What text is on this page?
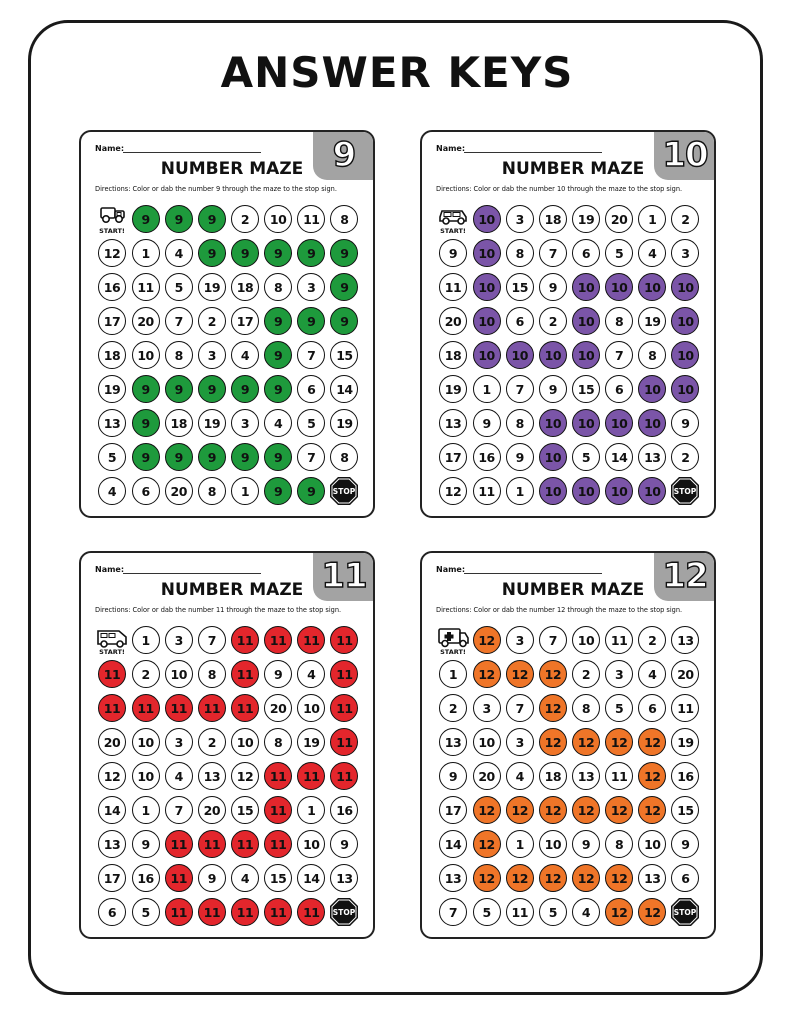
ANSWER KEYS
Name:	9
NUMBER MAZE
Directions: Color or dab the number 9 through the maze to the stop sign.
START!
9	9	9	2	10	11	8
12	1	4	9	9	9	9	9
16	11	5	19	18	8	3	9
17	20	7	2	17	9	9	9
18	10	8	3	4	9	7	15
19	9	9	9	9	9	6	14
13	9	18	19	3	4	5	19
5	9	9	9	9	9	7	8
4	6	20	8	1	9	9	STOP
Name:	10
NUMBER MAZE
Directions: Color or dab the number 10 through the maze to the stop sign.
START!
10	3	18	19	20	1	2
9	10	8	7	6	5	4	3
11	10	15	9	10	10	10	10
20	10	6	2	10	8	19	10
18	10	10	10	10	7	8	10
19	1	7	9	15	6	10	10
13	9	8	10	10	10	10	9
17	16	9	10	5	14	13	2
12	11	1	10	10	10	10	STOP
Name:	11
NUMBER MAZE
Directions: Color or dab the number 11 through the maze to the stop sign.
START!
1	3	7	11	11	11	11
11	2	10	8	11	9	4	11
11	11	11	11	11	20	10	11
20	10	3	2	10	8	19	11
12	10	4	13	12	11	11	11
14	1	7	20	15	11	1	16
13	9	11	11	11	11	10	9
17	16	11	9	4	15	14	13
6	5	11	11	11	11	11	STOP
Name:	12
NUMBER MAZE
Directions: Color or dab the number 12 through the maze to the stop sign.
START!
12	3	7	10	11	2	13
1	12	12	12	2	3	4	20
2	3	7	12	8	5	6	11
13	10	3	12	12	12	12	19
9	20	4	18	13	11	12	16
17	12	12	12	12	12	12	15
14	12	1	10	9	8	10	9
13	12	12	12	12	12	13	6
7	5	11	5	4	12	12	STOP
